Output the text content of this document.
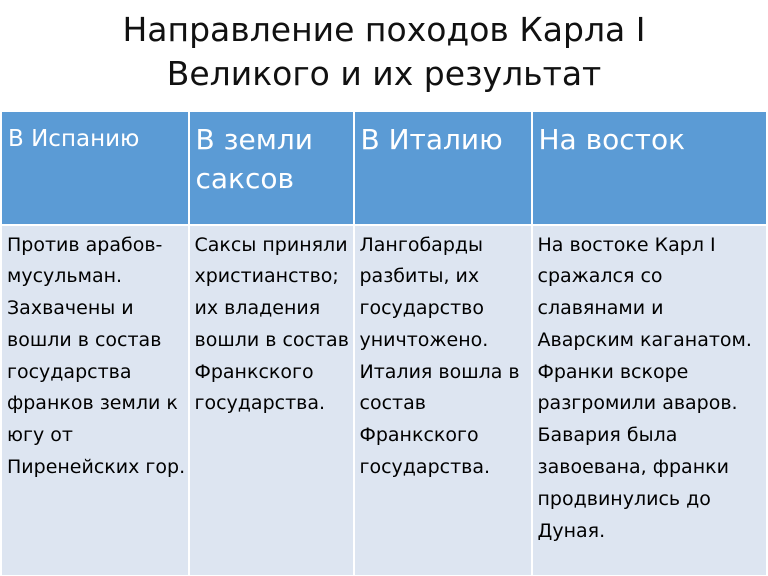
Направление походов Карла I
Великого и их результат
В Испанию	В земли саксов	В Италию	На восток

Против арабов-мусульман. Захвачены и вошли в состав государства франков земли к югу от Пиренейских гор.	Саксы приняли христианство; их владения вошли в состав Франкского государства.	Лангобарды разбиты, их государство уничтожено. Италия вошла в состав Франкского государства.	На востоке Карл I сражался со славянами и Аварским каганатом. Франки вскоре разгромили аваров. Бавария была завоевана, франки продвинулись до Дуная.
